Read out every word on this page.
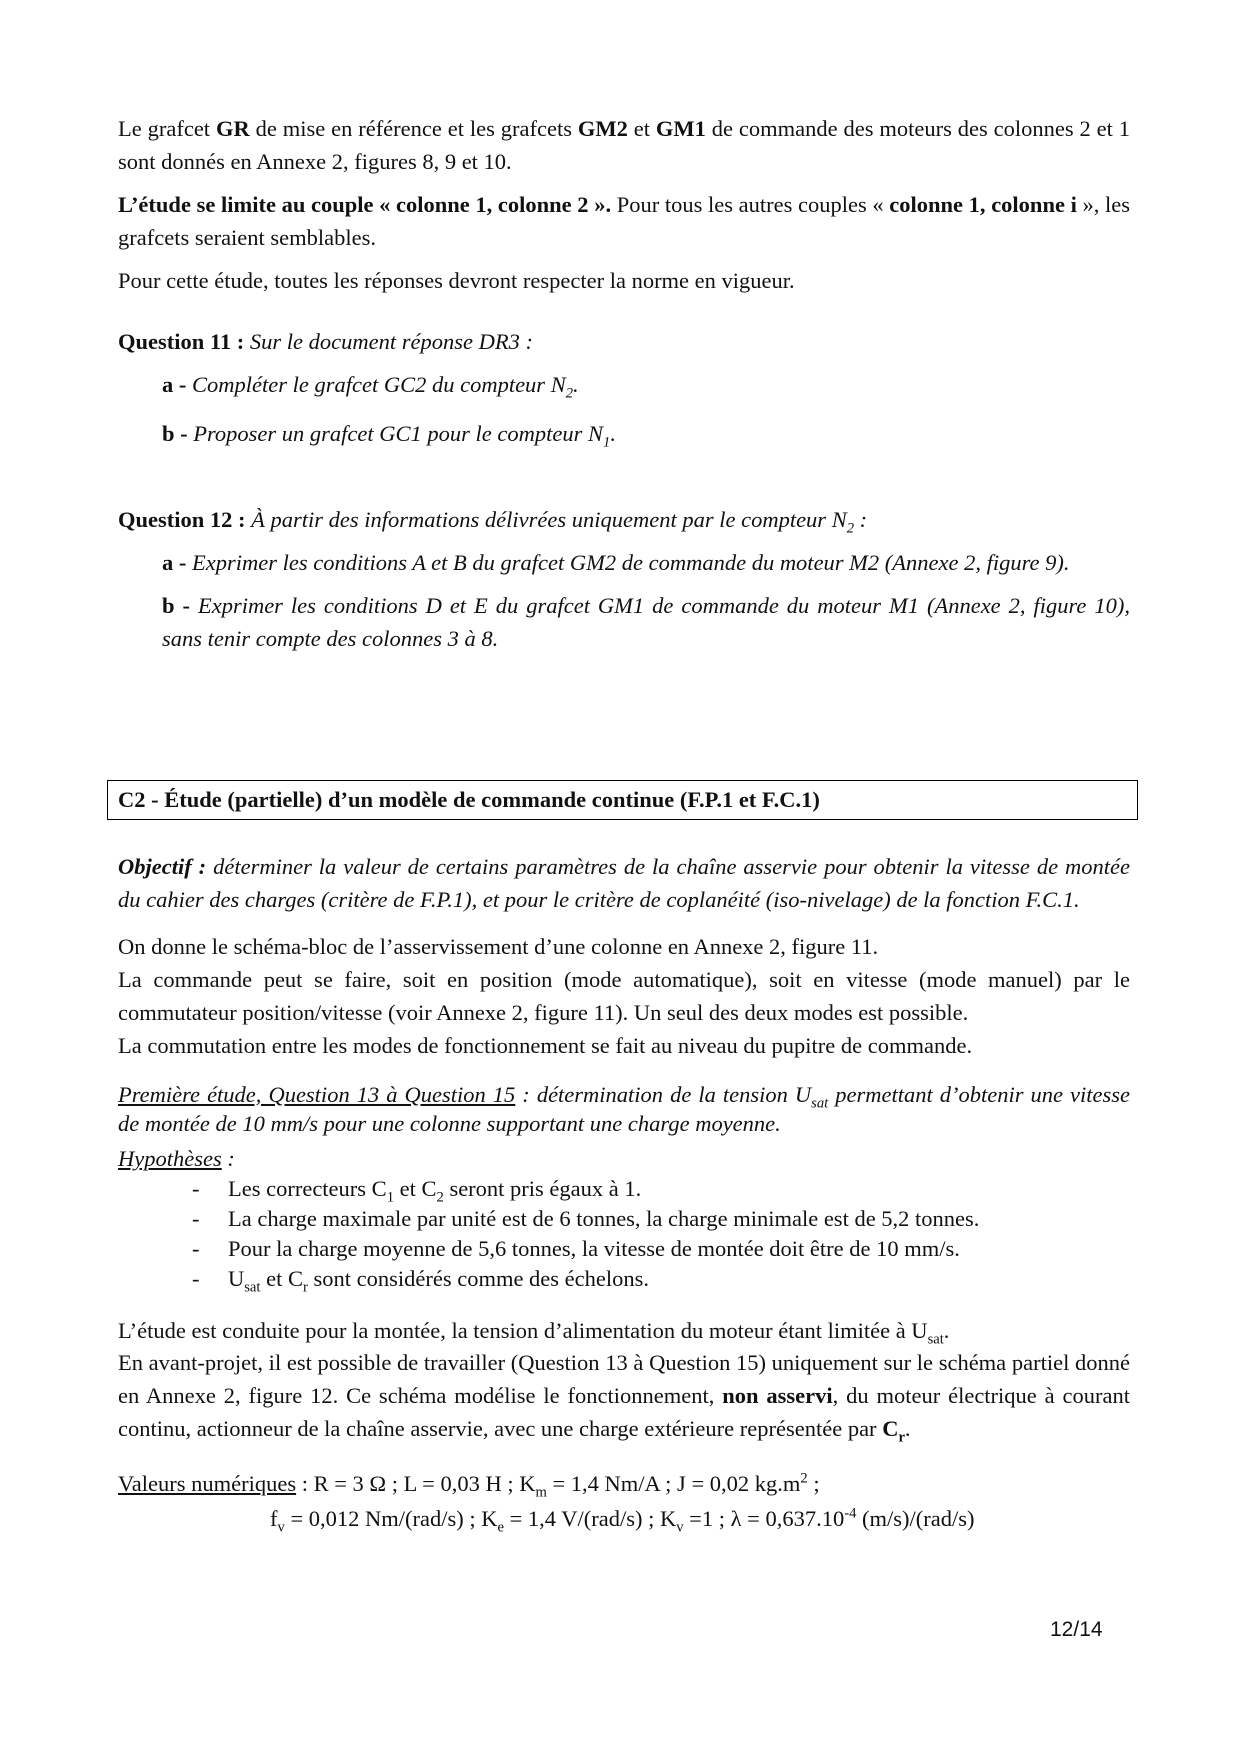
Le grafcet GR de mise en référence et les grafcets GM2 et GM1 de commande des moteurs des colonnes 2 et 1 sont donnés en Annexe 2, figures 8, 9 et 10.

L’étude se limite au couple « colonne 1, colonne 2 ». Pour tous les autres couples « colonne 1, colonne i », les grafcets seraient semblables.

Pour cette étude, toutes les réponses devront respecter la norme en vigueur.

Question 11 : Sur le document réponse DR3 :

a - Compléter le grafcet GC2 du compteur $N_2$.

b - Proposer un grafcet GC1 pour le compteur $N_1$.

Question 12 : À partir des informations délivrées uniquement par le compteur $N_2$ :

a - Exprimer les conditions A et B du grafcet GM2 de commande du moteur M2 (Annexe 2, figure 9).

b - Exprimer les conditions D et E du grafcet GM1 de commande du moteur M1 (Annexe 2, figure 10), sans tenir compte des colonnes 3 à 8.

C2 - Étude (partielle) d’un modèle de commande continue (F.P.1 et F.C.1)

Objectif : déterminer la valeur de certains paramètres de la chaîne asservie pour obtenir la vitesse de montée du cahier des charges (critère de F.P.1), et pour le critère de coplanéité (iso-nivelage) de la fonction F.C.1.

On donne le schéma-bloc de l’asservissement d’une colonne en Annexe 2, figure 11.

La commande peut se faire, soit en position (mode automatique), soit en vitesse (mode manuel) par le commutateur position/vitesse (voir Annexe 2, figure 11). Un seul des deux modes est possible.

La commutation entre les modes de fonctionnement se fait au niveau du pupitre de commande.

Première étude, Question 13 à Question 15 : détermination de la tension $U_{sat}$ permettant d’obtenir une vitesse de montée de 10 mm/s pour une colonne supportant une charge moyenne.

Hypothèses :

- Les correcteurs $C_1$ et $C_2$ seront pris égaux à 1.
- La charge maximale par unité est de 6 tonnes, la charge minimale est de 5,2 tonnes.
- Pour la charge moyenne de 5,6 tonnes, la vitesse de montée doit être de 10 mm/s.
- $U_{sat}$ et $C_r$ sont considérés comme des échelons.

L’étude est conduite pour la montée, la tension d’alimentation du moteur étant limitée à $U_{sat}$.

En avant-projet, il est possible de travailler (Question 13 à Question 15) uniquement sur le schéma partiel donné en Annexe 2, figure 12. Ce schéma modélise le fonctionnement, non asservi, du moteur électrique à courant continu, actionneur de la chaîne asservie, avec une charge extérieure représentée par $C_r$.

Valeurs numériques : R = 3 Ω ; L = 0,03 H ; $K_m = 1,4$ Nm/A ; J = 0,02 $kg.m^2$ ;

$f_v = 0,012$ Nm/(rad/s) ; $K_e = 1,4$ V/(rad/s) ; $K_v =1$ ; $\lambda = 0,637.10^{-4}$ (m/s)/(rad/s)

12/14
